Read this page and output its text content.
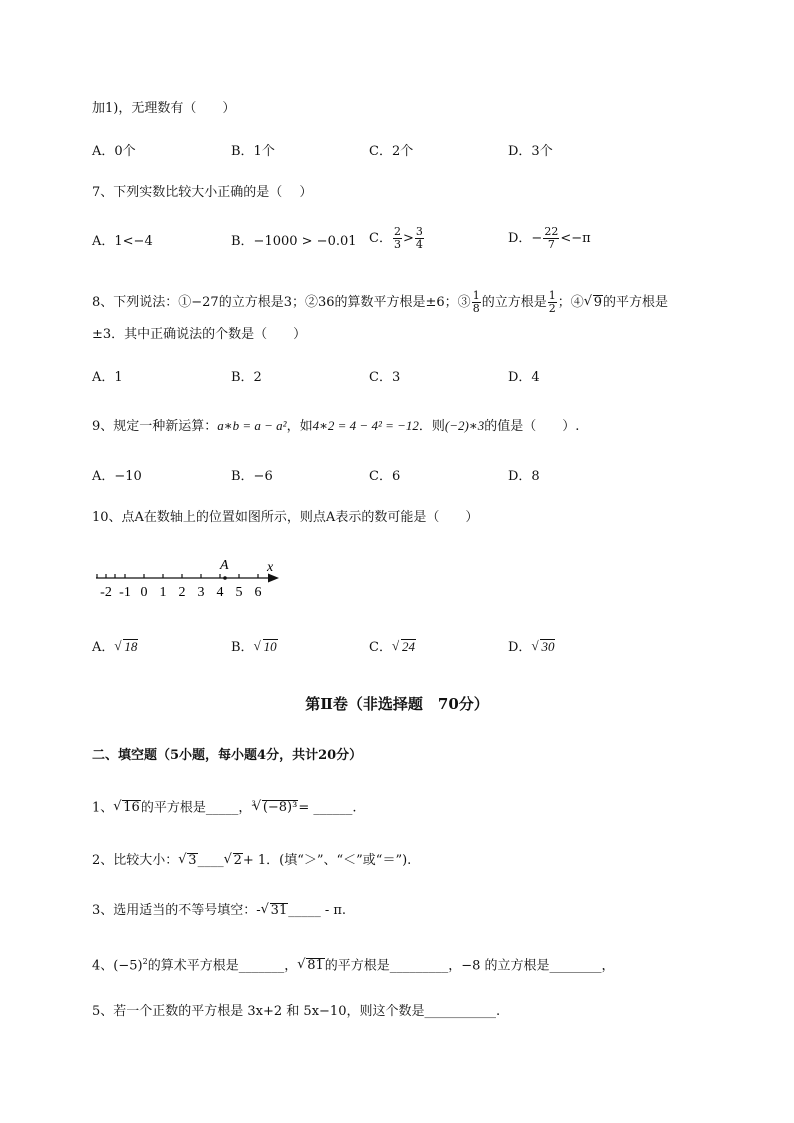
加1)，无理数有（　　）
A．0个	B．1个	C．2个	D．3个
7、下列实数比较大小正确的是（　 ）
A．1<−4	B．−1000 > −0.01 C． $\frac{2}{3} > \frac{3}{4}$	D．− $\frac{22}{7} <-\pi$
8、下列说法：①−27的立方根是3；②36的算数平方根是±6；③ $\frac{1}{8}$ 的立方根是 $\frac{1}{2}$ ；④ √ 9的平方根是
±3．其中正确说法的个数是（　　）
A．1	B．2	C．3	D．4
9、规定一种新运算：a∗b = a − a²，如4∗2 = 4 − 4² = −12．则(−2)∗3的值是（　　）.
A．−10	B．−6	C．6	D．8
10、点A在数轴上的位置如图所示，则点A表示的数可能是（　　）
-2 -1 0 1 2 3 4 5 6
A	x
A． √ 18	B． √ 10	C． √ 24	D． √ 30
第Ⅱ卷（非选择题　70分）
二、填空题（5小题，每小题4分，共计20分）
1、 √ 16的平方根是_____，$^3$ √ (−8)³= ______.
2、比较大小： √ 3____ √ 2+ 1．(填“＞”、“＜”或“＝”).
3、选用适当的不等号填空：- √ 31_____ - π.
4、$(-5)^2$的算术平方根是_______， √ 81的平方根是_________，−8 的立方根是________，
5、若一个正数的平方根是 3x+2 和 5x−10，则这个数是___________.
